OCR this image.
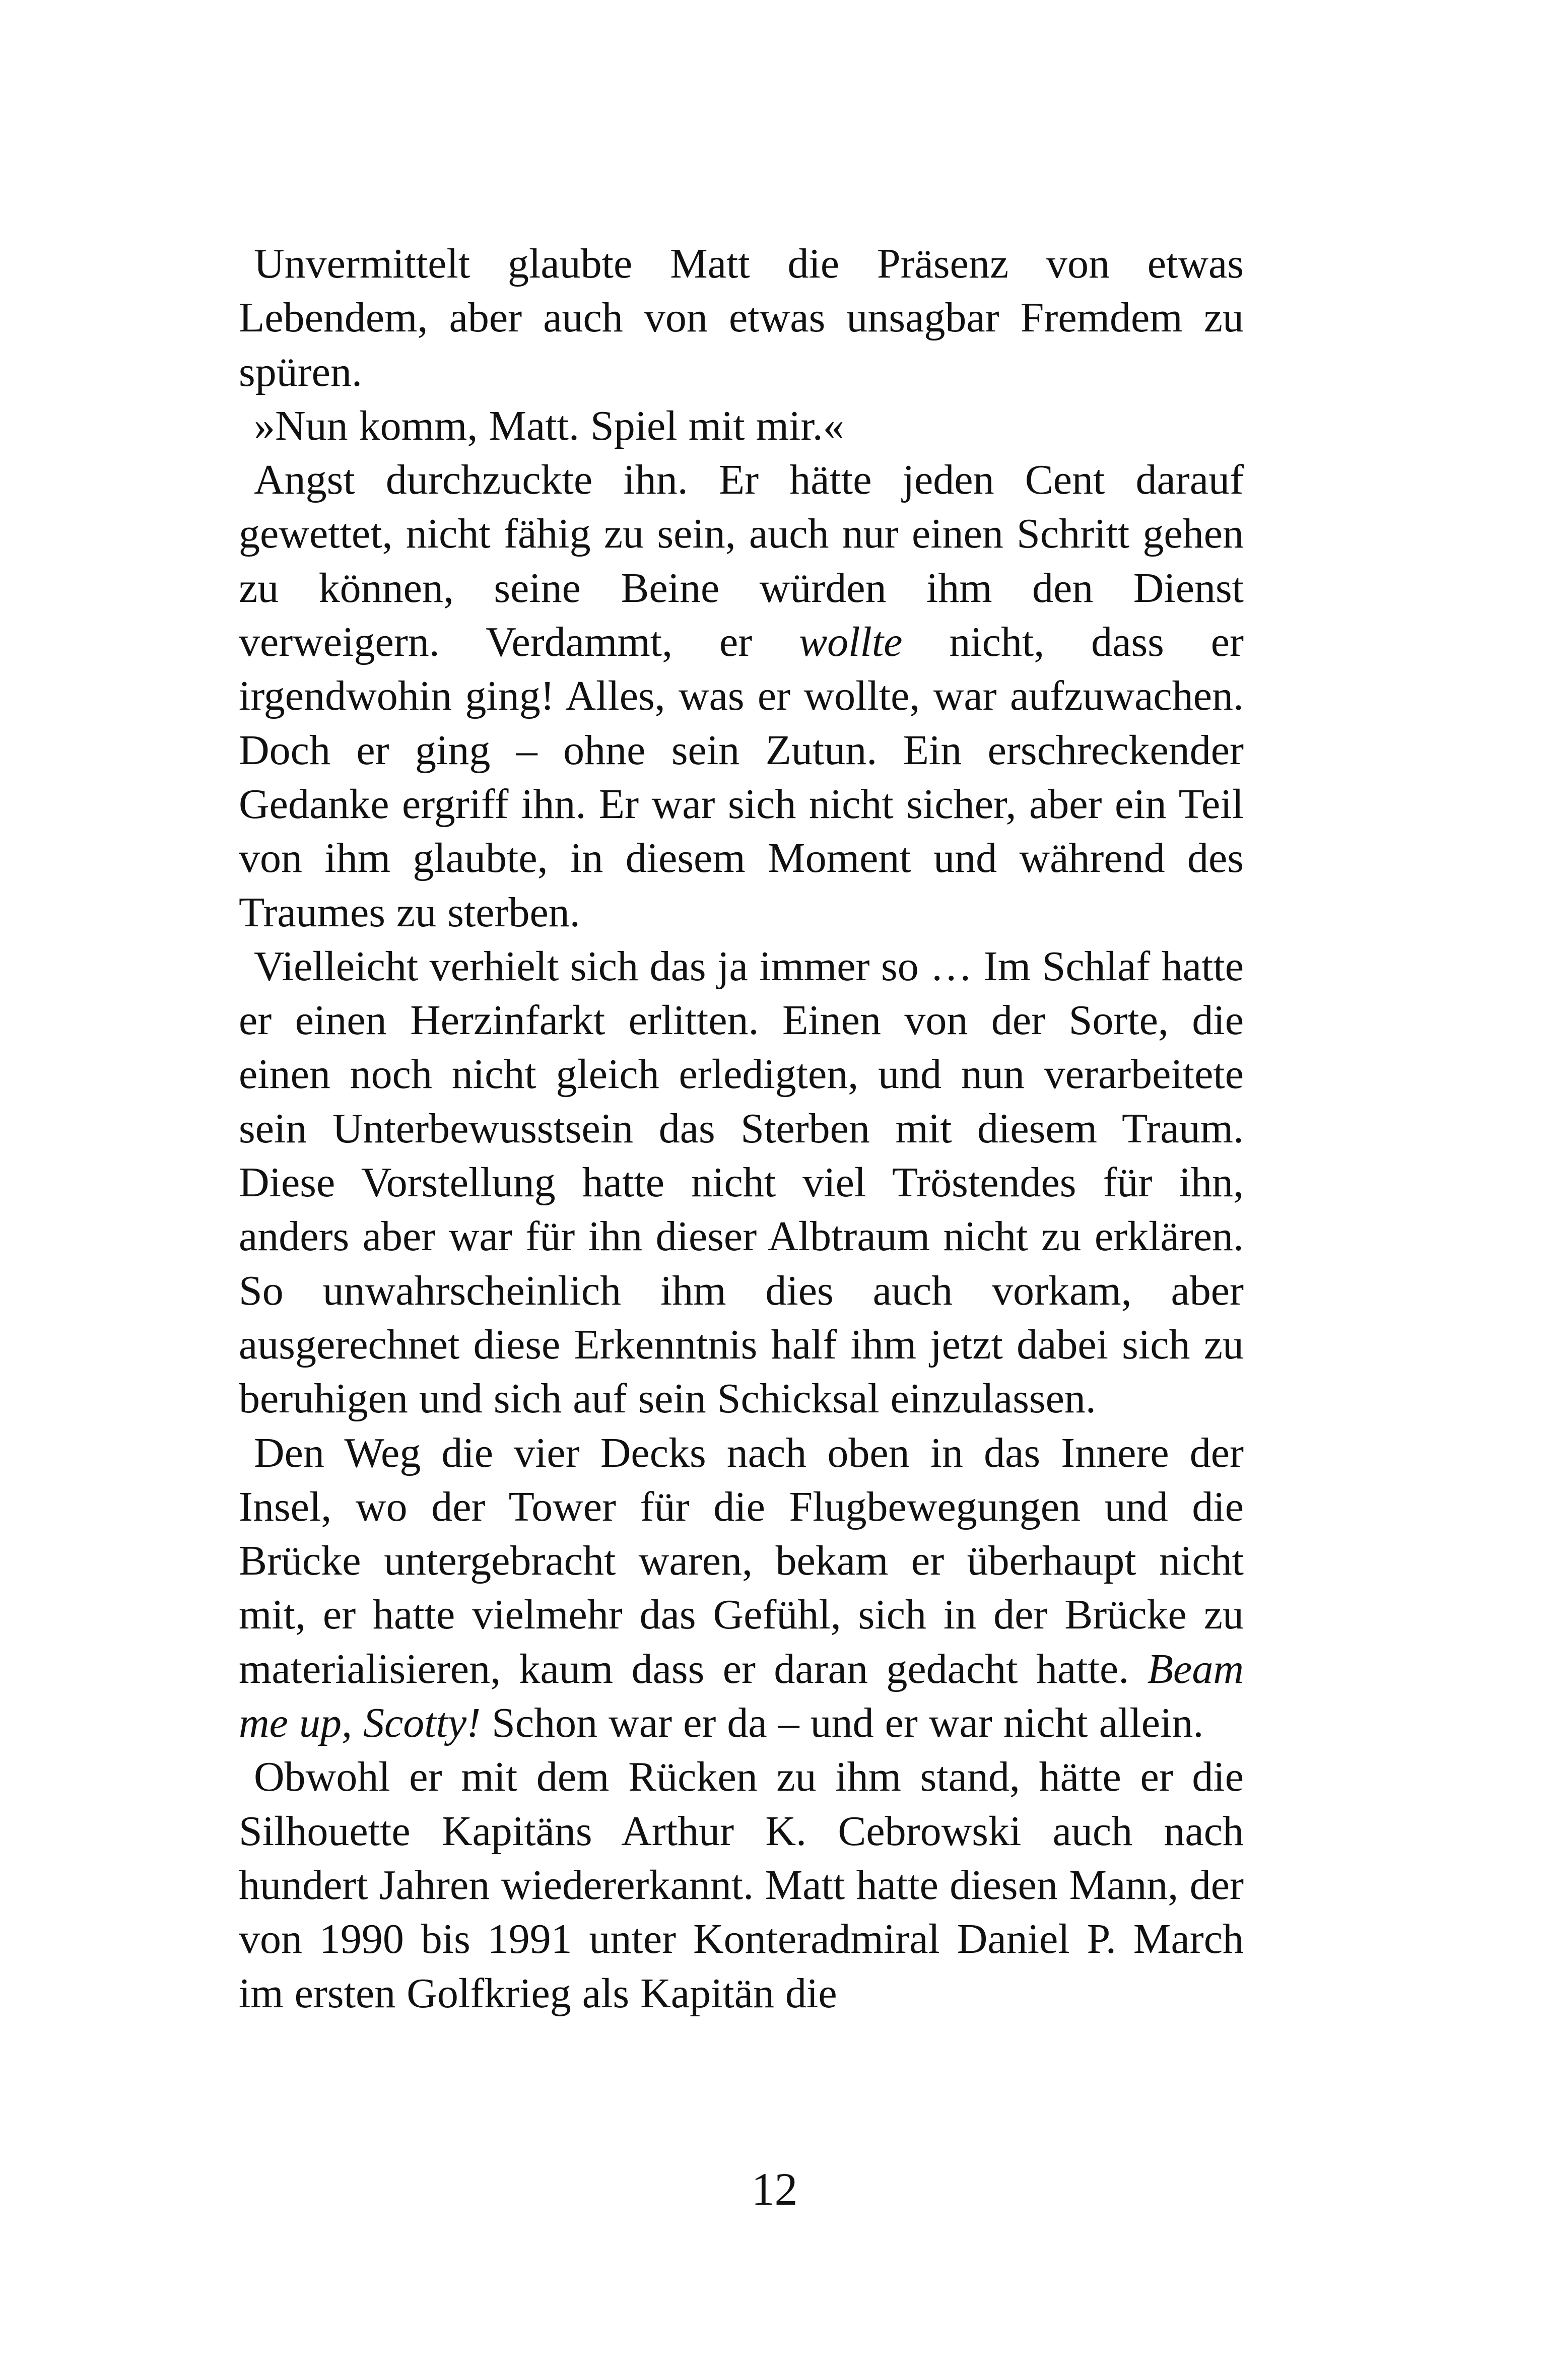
Unvermittelt glaubte Matt die Präsenz von etwas Lebendem, aber auch von etwas unsagbar Fremdem zu spüren.

»Nun komm, Matt. Spiel mit mir.«

Angst durchzuckte ihn. Er hätte jeden Cent darauf gewettet, nicht fähig zu sein, auch nur einen Schritt gehen zu können, seine Beine würden ihm den Dienst verweigern. Verdammt, er wollte nicht, dass er irgendwohin ging! Alles, was er wollte, war aufzuwachen. Doch er ging – ohne sein Zutun. Ein erschreckender Gedanke ergriff ihn. Er war sich nicht sicher, aber ein Teil von ihm glaubte, in diesem Moment und während des Traumes zu sterben.

Vielleicht verhielt sich das ja immer so … Im Schlaf hatte er einen Herzinfarkt erlitten. Einen von der Sorte, die einen noch nicht gleich erledigten, und nun verarbeitete sein Unterbewusstsein das Sterben mit diesem Traum. Diese Vorstellung hatte nicht viel Tröstendes für ihn, anders aber war für ihn dieser Albtraum nicht zu erklären. So unwahrscheinlich ihm dies auch vorkam, aber ausgerechnet diese Erkenntnis half ihm jetzt dabei sich zu beruhigen und sich auf sein Schicksal einzulassen.

Den Weg die vier Decks nach oben in das Innere der Insel, wo der Tower für die Flugbewegungen und die Brücke untergebracht waren, bekam er überhaupt nicht mit, er hatte vielmehr das Gefühl, sich in der Brücke zu materialisieren, kaum dass er daran gedacht hatte. Beam me up, Scotty! Schon war er da – und er war nicht allein.

Obwohl er mit dem Rücken zu ihm stand, hätte er die Silhouette Kapitäns Arthur K. Cebrowski auch nach hundert Jahren wiedererkannt. Matt hatte diesen Mann, der von 1990 bis 1991 unter Konteradmiral Daniel P. March im ersten Golfkrieg als Kapitän die

12
